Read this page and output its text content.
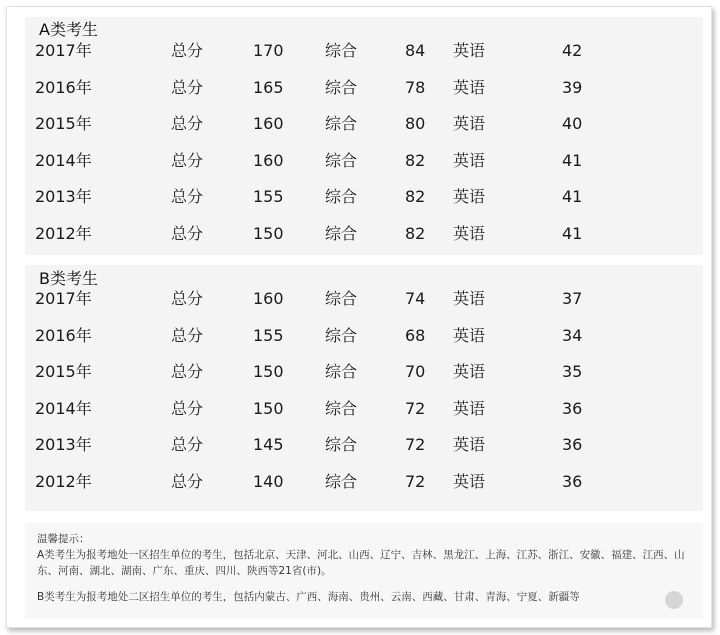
A类考生
2017年	总分	170	综合	84 英语	42
2016年	总分	165	综合	78 英语	39
2015年	总分	160	综合	80 英语	40
2014年	总分	160	综合	82 英语	41
2013年	总分	155	综合	82 英语	41
2012年	总分	150	综合	82 英语	41
B类考生
2017年	总分	160	综合	74 英语	37
2016年	总分	155	综合	68 英语	34
2015年	总分	150	综合	70 英语	35
2014年	总分	150	综合	72 英语	36
2013年	总分	145	综合	72 英语	36
2012年	总分	140	综合	72 英语	36
温馨提示：
A类考生为报考地处一区招生单位的考生，包括北京、天津、河北、山西、辽宁、吉林、黑龙江、上海、江苏、浙江、安徽、福建、江西、山东、河南、湖北、湖南、广东、重庆、四川、陕西等21省(市)。
B类考生为报考地处二区招生单位的考生，包括内蒙古、广西、海南、贵州、云南、西藏、甘肃、青海、宁夏、新疆等
